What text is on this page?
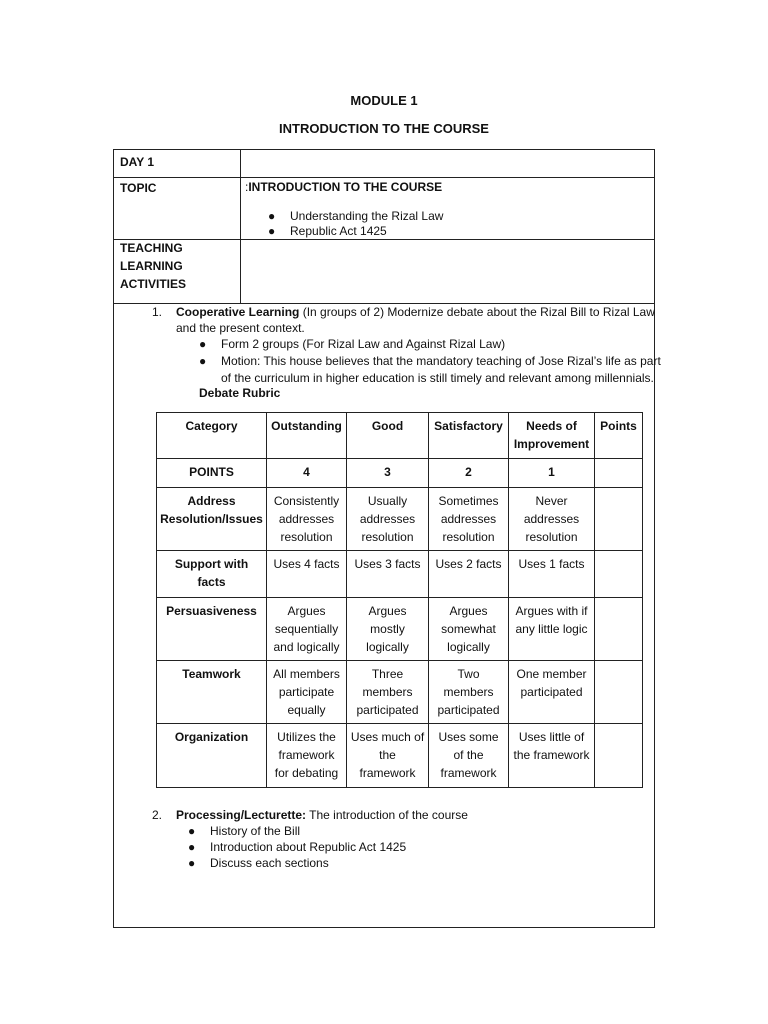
MODULE 1
INTRODUCTION TO THE COURSE
DAY 1
TOPIC	:INTRODUCTION TO THE COURSE
● Understanding the Rizal Law
● Republic Act 1425
TEACHING
LEARNING
ACTIVITIES
1. Cooperative Learning (In groups of 2) Modernize debate about the Rizal Bill to Rizal Law
and the present context.
● Form 2 groups (For Rizal Law and Against Rizal Law)
● Motion: This house believes that the mandatory teaching of Jose Rizal’s life as part
of the curriculum in higher education is still timely and relevant among millennials.
Debate Rubric
Category	Outstanding	Good	Satisfactory	Needs of Improvement	Points
POINTS	4	3	2	1	
Address Resolution/Issues	Consistently addresses resolution	Usually addresses resolution	Sometimes addresses resolution	Never addresses resolution	
Support with facts	Uses 4 facts	Uses 3 facts	Uses 2 facts	Uses 1 facts	
Persuasiveness	Argues sequentially and logically	Argues mostly logically	Argues somewhat logically	Argues with if any little logic	
Teamwork	All members participate equally	Three members participated	Two members participated	One member participated	
Organization	Utilizes the framework for debating	Uses much of the framework	Uses some of the framework	Uses little of the framework	
2. Processing/Lecturette: The introduction of the course
● History of the Bill
● Introduction about Republic Act 1425
● Discuss each sections
